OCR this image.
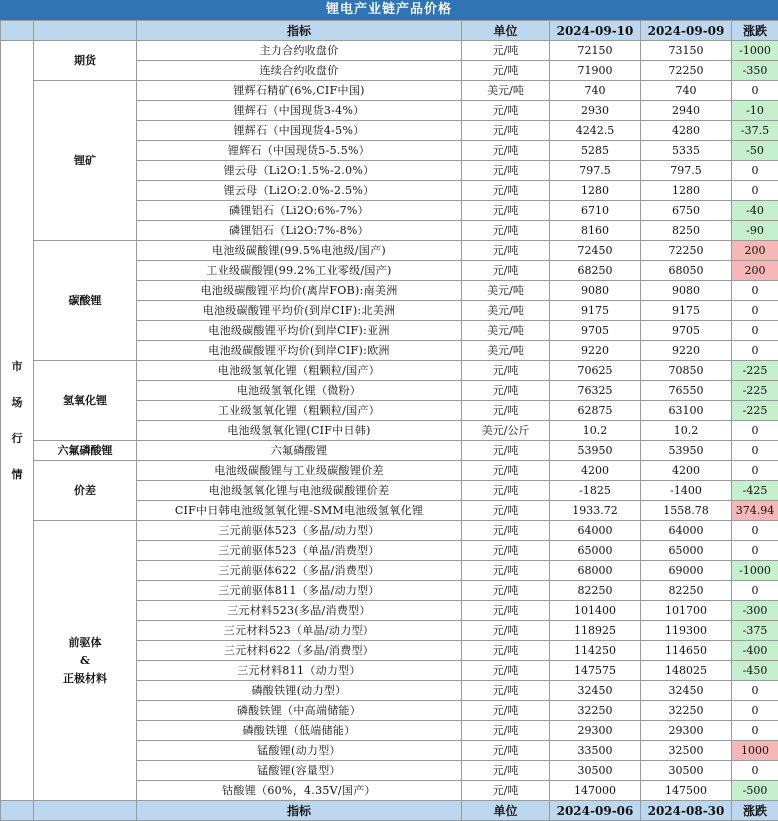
锂电产业链产品价格
		指标	单位	2024-09-10	2024-09-09	涨跌
市

场

行

情	期货	主力合约收盘价	元/吨	72150	73150	-1000
		连续合约收盘价	元/吨	71900	72250	-350
	锂矿	锂辉石精矿(6%,CIF中国)	美元/吨	740	740	0
		锂辉石（中国现货3-4%）	元/吨	2930	2940	-10
		锂辉石（中国现货4-5%）	元/吨	4242.5	4280	-37.5
		锂辉石（中国现货5-5.5%）	元/吨	5285	5335	-50
		锂云母（Li2O:1.5%-2.0%）	元/吨	797.5	797.5	0
		锂云母（Li2O:2.0%-2.5%）	元/吨	1280	1280	0
		磷锂铝石（Li2O:6%-7%）	元/吨	6710	6750	-40
		磷锂铝石（Li2O:7%-8%）	元/吨	8160	8250	-90
	碳酸锂	电池级碳酸锂(99.5%电池级/国产)	元/吨	72450	72250	200
		工业级碳酸锂(99.2%工业零级/国产)	元/吨	68250	68050	200
		电池级碳酸锂平均价(离岸FOB):南美洲	美元/吨	9080	9080	0
		电池级碳酸锂平均价(到岸CIF):北美洲	美元/吨	9175	9175	0
		电池级碳酸锂平均价(到岸CIF):亚洲	美元/吨	9705	9705	0
		电池级碳酸锂平均价(到岸CIF):欧洲	美元/吨	9220	9220	0
	氢氧化锂	电池级氢氧化锂（粗颗粒/国产）	元/吨	70625	70850	-225
		电池级氢氧化锂（微粉）	元/吨	76325	76550	-225
		工业级氢氧化锂（粗颗粒/国产）	元/吨	62875	63100	-225
		电池级氢氧化锂(CIF中日韩)	美元/公斤	10.2	10.2	0
	六氟磷酸锂	六氟磷酸锂	元/吨	53950	53950	0
	价差	电池级碳酸锂与工业级碳酸锂价差	元/吨	4200	4200	0
		电池级氢氧化锂与电池级碳酸锂价差	元/吨	-1825	-1400	-425
		CIF中日韩电池级氢氧化锂-SMM电池级氢氧化锂	元/吨	1933.72	1558.78	374.94
	前驱体
&
正极材料	三元前驱体523（多晶/动力型）	元/吨	64000	64000	0
		三元前驱体523（单晶/消费型）	元/吨	65000	65000	0
		三元前驱体622（多晶/消费型）	元/吨	68000	69000	-1000
		三元前驱体811（多晶/动力型）	元/吨	82250	82250	0
		三元材料523(多晶/消费型）	元/吨	101400	101700	-300
		三元材料523（单晶/动力型）	元/吨	118925	119300	-375
		三元材料622（多晶/消费型）	元/吨	114250	114650	-400
		三元材料811（动力型）	元/吨	147575	148025	-450
		磷酸铁锂(动力型）	元/吨	32450	32450	0
		磷酸铁锂（中高端储能）	元/吨	32250	32250	0
		磷酸铁锂（低端储能）	元/吨	29300	29300	0
		锰酸锂(动力型）	元/吨	33500	32500	1000
		锰酸锂(容量型）	元/吨	30500	30500	0
		钴酸锂（60%，4.35V/国产）	元/吨	147000	147500	-500
		指标	单位	2024-09-06	2024-08-30	涨跌
